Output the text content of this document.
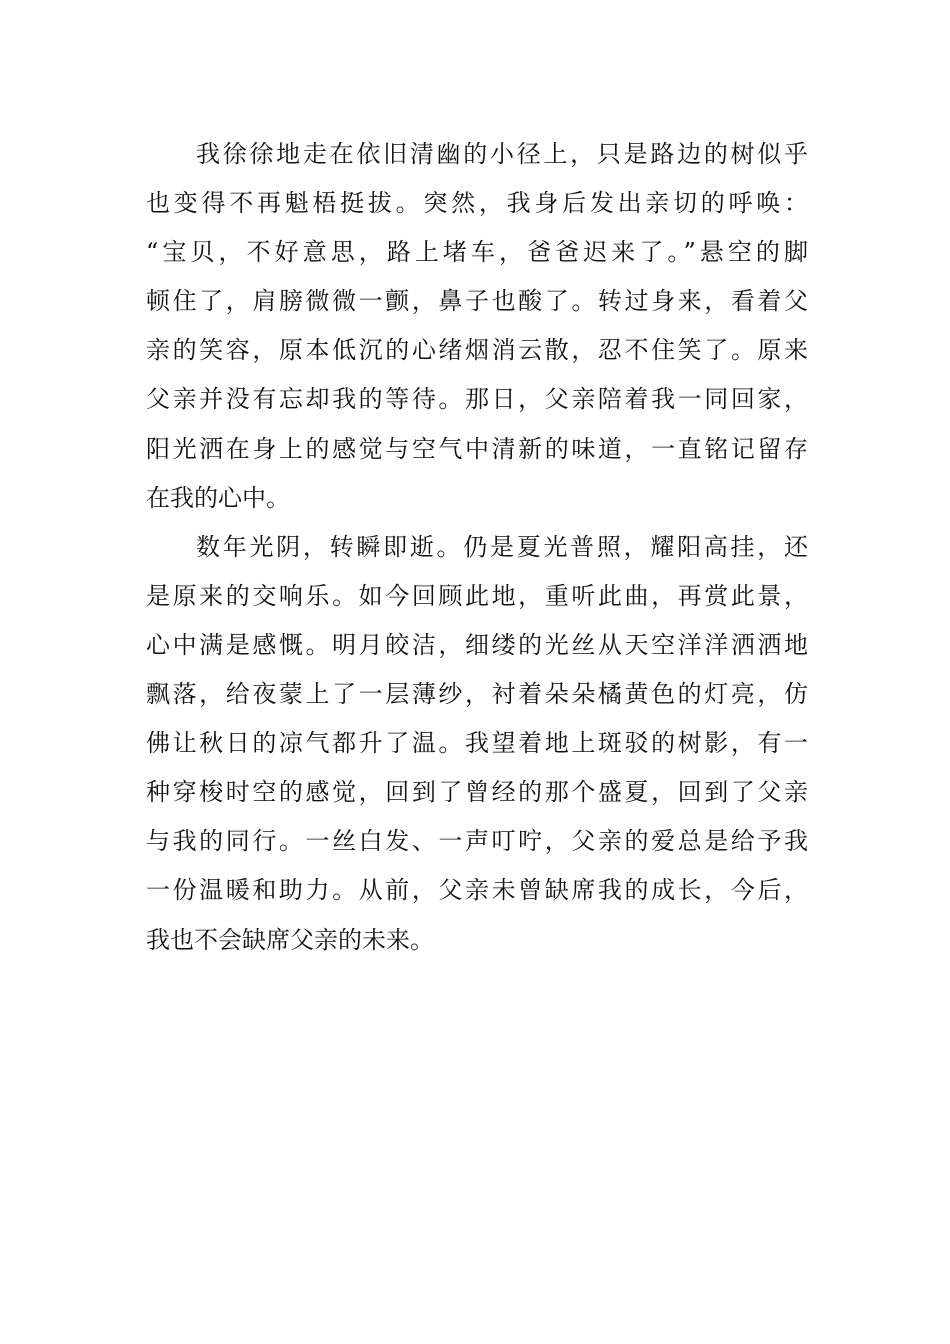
我徐徐地走在依旧清幽的小径上，只是路边的树似乎
也变得不再魁梧挺拔。突然，我身后发出亲切的呼唤：
“宝贝，不好意思，路上堵车，爸爸迟来了。”悬空的脚
顿住了，肩膀微微一颤，鼻子也酸了。转过身来，看着父
亲的笑容，原本低沉的心绪烟消云散，忍不住笑了。原来
父亲并没有忘却我的等待。那日，父亲陪着我一同回家，
阳光洒在身上的感觉与空气中清新的味道，一直铭记留存
在我的心中。
数年光阴，转瞬即逝。仍是夏光普照，耀阳高挂，还
是原来的交响乐。如今回顾此地，重听此曲，再赏此景，
心中满是感慨。明月皎洁，细缕的光丝从天空洋洋洒洒地
飘落，给夜蒙上了一层薄纱，衬着朵朵橘黄色的灯亮，仿
佛让秋日的凉气都升了温。我望着地上斑驳的树影，有一
种穿梭时空的感觉，回到了曾经的那个盛夏，回到了父亲
与我的同行。一丝白发、一声叮咛，父亲的爱总是给予我
一份温暖和助力。从前，父亲未曾缺席我的成长，今后，
我也不会缺席父亲的未来。
